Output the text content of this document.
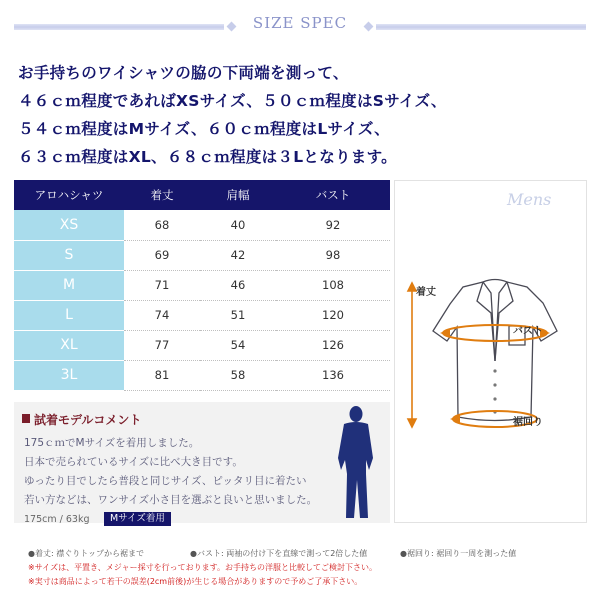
SIZE SPEC
お手持ちのワイシャツの脇の下両端を測って、
４６ｃｍ程度であればXSサイズ、５０ｃｍ程度はSサイズ、
５４ｃｍ程度はMサイズ、６０ｃｍ程度はLサイズ、
６３ｃｍ程度はXL、６８ｃｍ程度は３Lとなります。
アロハシャツ	着丈	肩幅	バスト
XS	68	40	92
S	69	42	98
M	71	46	108
L	74	51	120
XL	77	54	126
3L	81	58	136
Mens
着丈
バスト
裾回り
試着モデルコメント
175ｃｍでMサイズを着用しました。
日本で売られているサイズに比べ大き目です。
ゆったり目でしたら普段と同じサイズ、ピッタリ目に着たい
若い方などは、ワンサイズ小さ目を選ぶと良いと思いました。
175cm / 63kg	Mサイズ着用
●着丈: 襟ぐりトップから裾まで	●バスト: 両袖の付け下を直線で測って2倍した値	●裾回り: 裾回り一周を測った値
※サイズは、平置き、メジャー採寸を行っております。お手持ちの洋服と比較してご検討下さい。
※実寸は商品によって若干の誤差(2cm前後)が生じる場合がありますので予めご了承下さい。
